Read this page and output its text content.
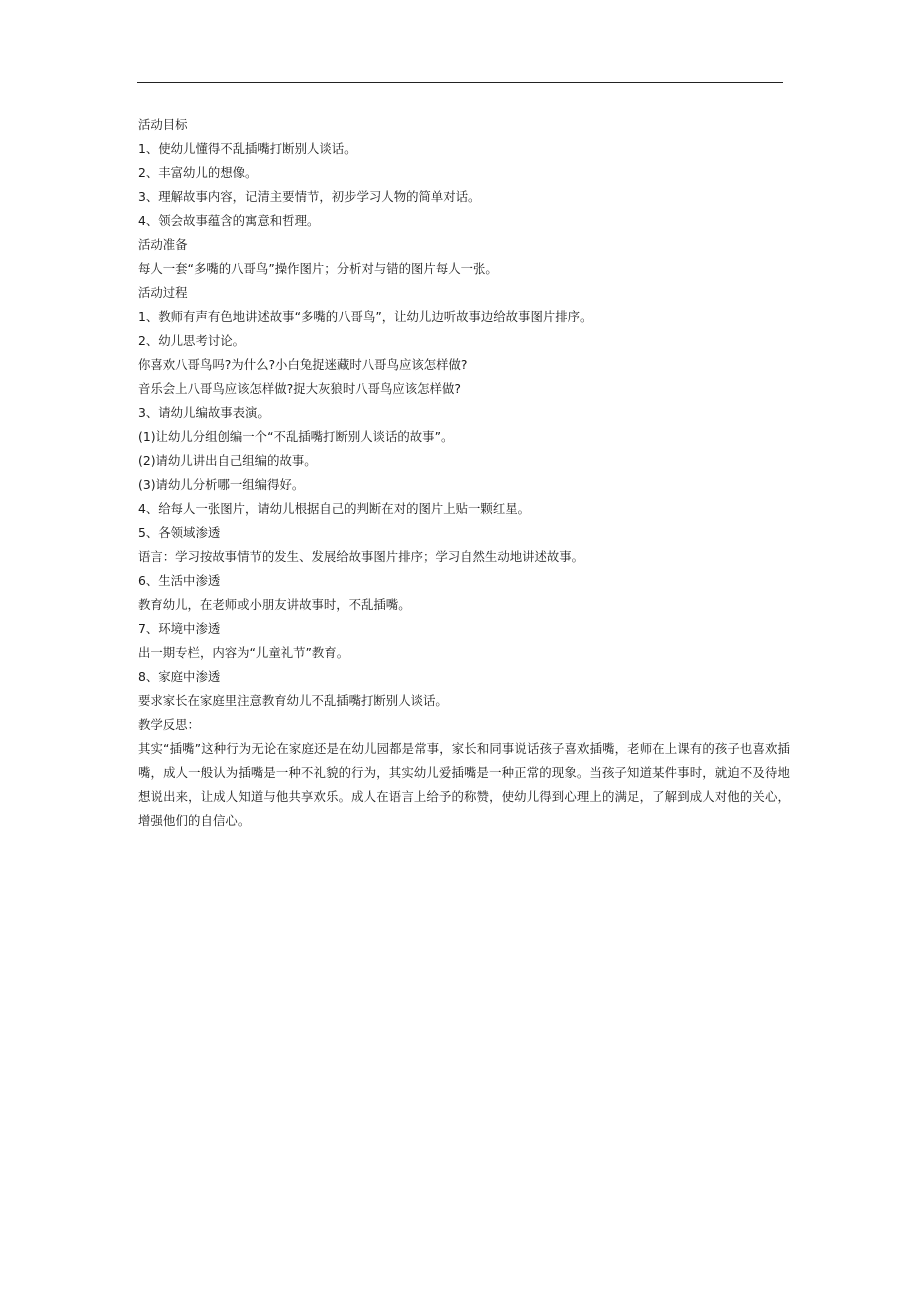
活动目标

1、使幼儿懂得不乱插嘴打断别人谈话。

2、丰富幼儿的想像。

3、理解故事内容，记清主要情节，初步学习人物的简单对话。

4、领会故事蕴含的寓意和哲理。

活动准备

每人一套“多嘴的八哥鸟”操作图片；分析对与错的图片每人一张。

活动过程

1、教师有声有色地讲述故事“多嘴的八哥鸟”，让幼儿边听故事边给故事图片排序。

2、幼儿思考讨论。

你喜欢八哥鸟吗?为什么?小白兔捉迷藏时八哥鸟应该怎样做?

音乐会上八哥鸟应该怎样做?捉大灰狼时八哥鸟应该怎样做?

3、请幼儿编故事表演。

(1)让幼儿分组创编一个“不乱插嘴打断别人谈话的故事”。

(2)请幼儿讲出自己组编的故事。

(3)请幼儿分析哪一组编得好。

4、给每人一张图片，请幼儿根据自己的判断在对的图片上贴一颗红星。

5、各领域渗透

语言：学习按故事情节的发生、发展给故事图片排序；学习自然生动地讲述故事。

6、生活中渗透

教育幼儿，在老师或小朋友讲故事时，不乱插嘴。

7、环境中渗透

出一期专栏，内容为“儿童礼节”教育。

8、家庭中渗透

要求家长在家庭里注意教育幼儿不乱插嘴打断别人谈话。

教学反思：

其实“插嘴”这种行为无论在家庭还是在幼儿园都是常事，家长和同事说话孩子喜欢插嘴，老师在上课有的孩子也喜欢插嘴，成人一般认为插嘴是一种不礼貌的行为，其实幼儿爱插嘴是一种正常的现象。当孩子知道某件事时，就迫不及待地想说出来，让成人知道与他共享欢乐。成人在语言上给予的称赞，使幼儿得到心理上的满足，了解到成人对他的关心，增强他们的自信心。
